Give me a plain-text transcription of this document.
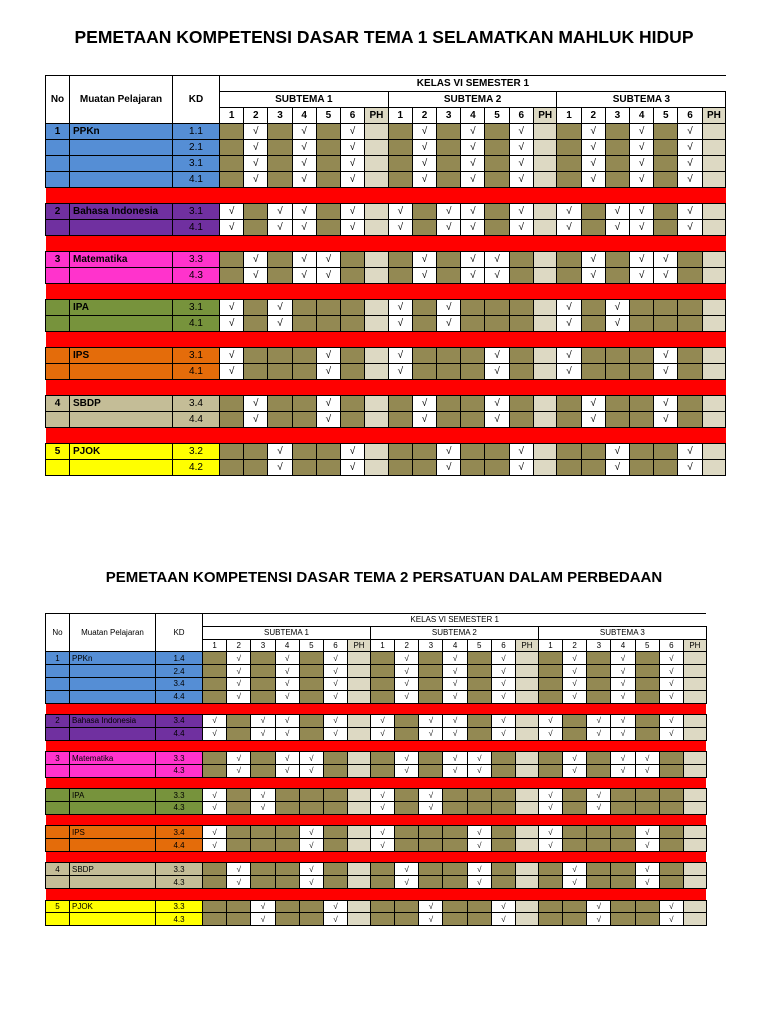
PEMETAAN KOMPETENSI DASAR TEMA 1 SELAMATKAN MAHLUK HIDUP
No	Muatan Pelajaran	KD	KELAS VI SEMESTER 1																				
			SUBTEMA 1							SUBTEMA 2							SUBTEMA 3						
			1	2	3	4	5	6	PH	1	2	3	4	5	6	PH	1	2	3	4	5	6	PH
1	PPKn	1.1		√		√		√			√		√		√			√		√		√	
		2.1		√		√		√			√		√		√			√		√		√	
		3.1		√		√		√			√		√		√			√		√		√	
		4.1		√		√		√			√		√		√			√		√		√	

2	Bahasa Indonesia	3.1	√		√	√		√		√		√	√		√		√		√	√		√	
		4.1	√		√	√		√		√		√	√		√		√		√	√		√	

3	Matematika	3.3		√		√	√				√		√	√				√		√	√		
		4.3		√		√	√				√		√	√				√		√	√		

	IPA	3.1	√		√					√		√					√		√				
		4.1	√		√					√		√					√		√				

	IPS	3.1	√				√			√				√			√				√		
		4.1	√				√			√				√			√				√		

4	SBDP	3.4		√			√				√			√				√			√		
		4.4		√			√				√			√				√			√		

5	PJOK	3.2			√			√				√			√				√			√	
		4.2			√			√				√			√				√			√	
PEMETAAN KOMPETENSI DASAR TEMA 2 PERSATUAN DALAM PERBEDAAN
No	Muatan Pelajaran	KD	KELAS VI SEMESTER 1																				
			SUBTEMA 1							SUBTEMA 2							SUBTEMA 3						
			1	2	3	4	5	6	PH	1	2	3	4	5	6	PH	1	2	3	4	5	6	PH
1	PPKn	1.4		√		√		√			√		√		√			√		√		√	
		2.4		√		√		√			√		√		√			√		√		√	
		3.4		√		√		√			√		√		√			√		√		√	
		4.4		√		√		√			√		√		√			√		√		√	

2	Bahasa Indonesia	3.4	√		√	√		√		√		√	√		√		√		√	√		√	
		4.4	√		√	√		√		√		√	√		√		√		√	√		√	

3	Matematika	3.3		√		√	√				√		√	√				√		√	√		
		4.3		√		√	√				√		√	√				√		√	√		

	IPA	3.3	√		√					√		√					√		√				
		4.3	√		√					√		√					√		√				

	IPS	3.4	√				√			√				√			√				√		
		4.4	√				√			√				√			√				√		

4	SBDP	3.3		√			√				√			√				√			√		
		4.3		√			√				√			√				√			√		

5	PJOK	3.3			√			√				√			√				√			√	
		4.3			√			√				√			√				√			√	
